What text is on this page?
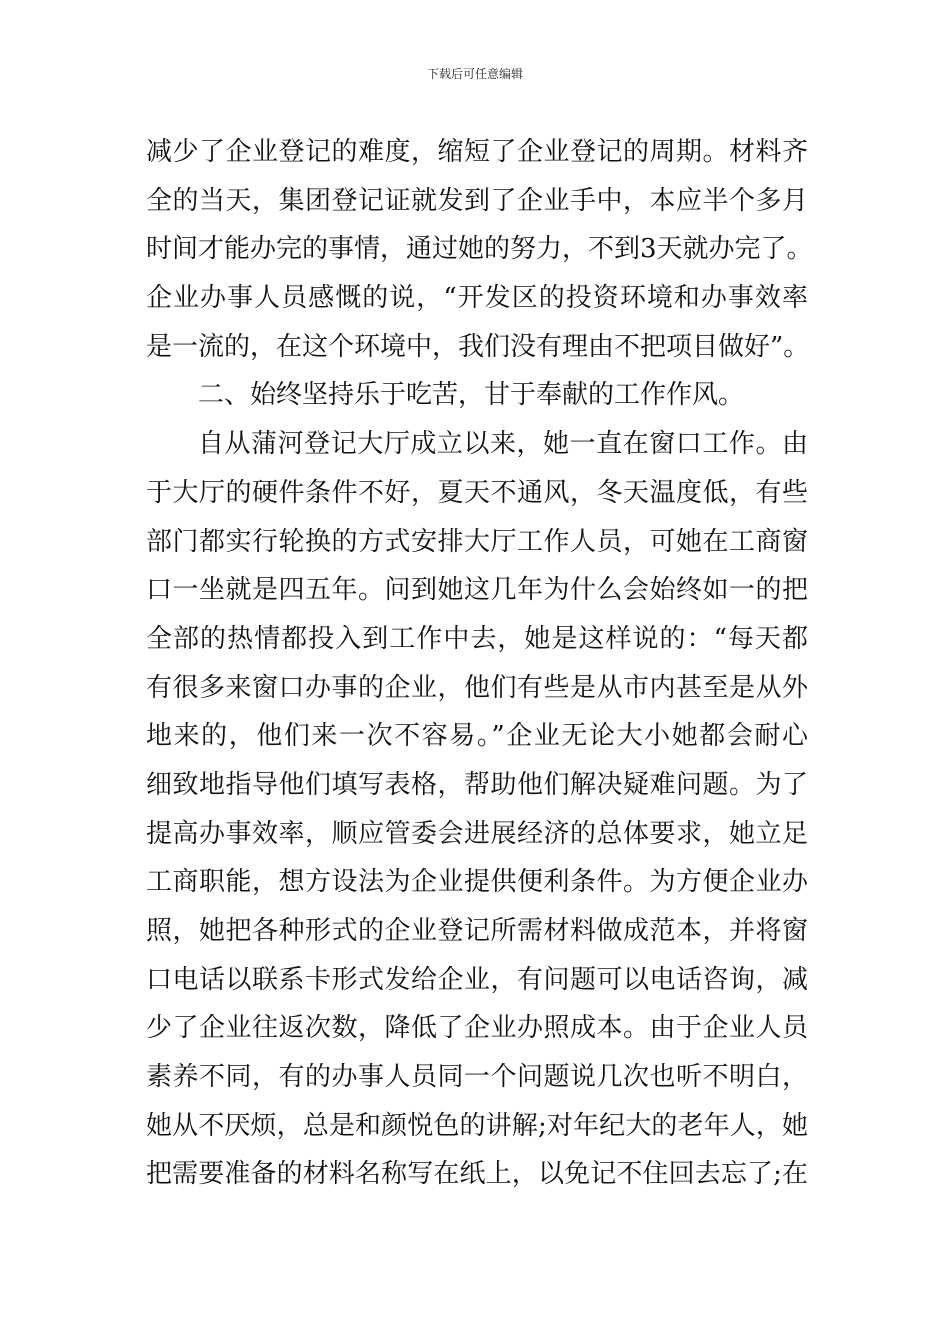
下载后可任意编辑
减少了企业登记的难度，缩短了企业登记的周期。材料齐
全的当天，集团登记证就发到了企业手中，本应半个多月
时间才能办完的事情，通过她的努力，不到3天就办完了。
企业办事人员感慨的说，“开发区的投资环境和办事效率
是一流的，在这个环境中，我们没有理由不把项目做好”。
二、始终坚持乐于吃苦，甘于奉献的工作作风。
自从蒲河登记大厅成立以来，她一直在窗口工作。由
于大厅的硬件条件不好，夏天不通风，冬天温度低，有些
部门都实行轮换的方式安排大厅工作人员，可她在工商窗
口一坐就是四五年。问到她这几年为什么会始终如一的把
全部的热情都投入到工作中去，她是这样说的：“每天都
有很多来窗口办事的企业，他们有些是从市内甚至是从外
地来的，他们来一次不容易。”企业无论大小她都会耐心
细致地指导他们填写表格，帮助他们解决疑难问题。为了
提高办事效率，顺应管委会进展经济的总体要求，她立足
工商职能，想方设法为企业提供便利条件。为方便企业办
照，她把各种形式的企业登记所需材料做成范本，并将窗
口电话以联系卡形式发给企业，有问题可以电话咨询，减
少了企业往返次数，降低了企业办照成本。由于企业人员
素养不同，有的办事人员同一个问题说几次也听不明白，
她从不厌烦，总是和颜悦色的讲解;对年纪大的老年人，她
把需要准备的材料名称写在纸上，以免记不住回去忘了;在
